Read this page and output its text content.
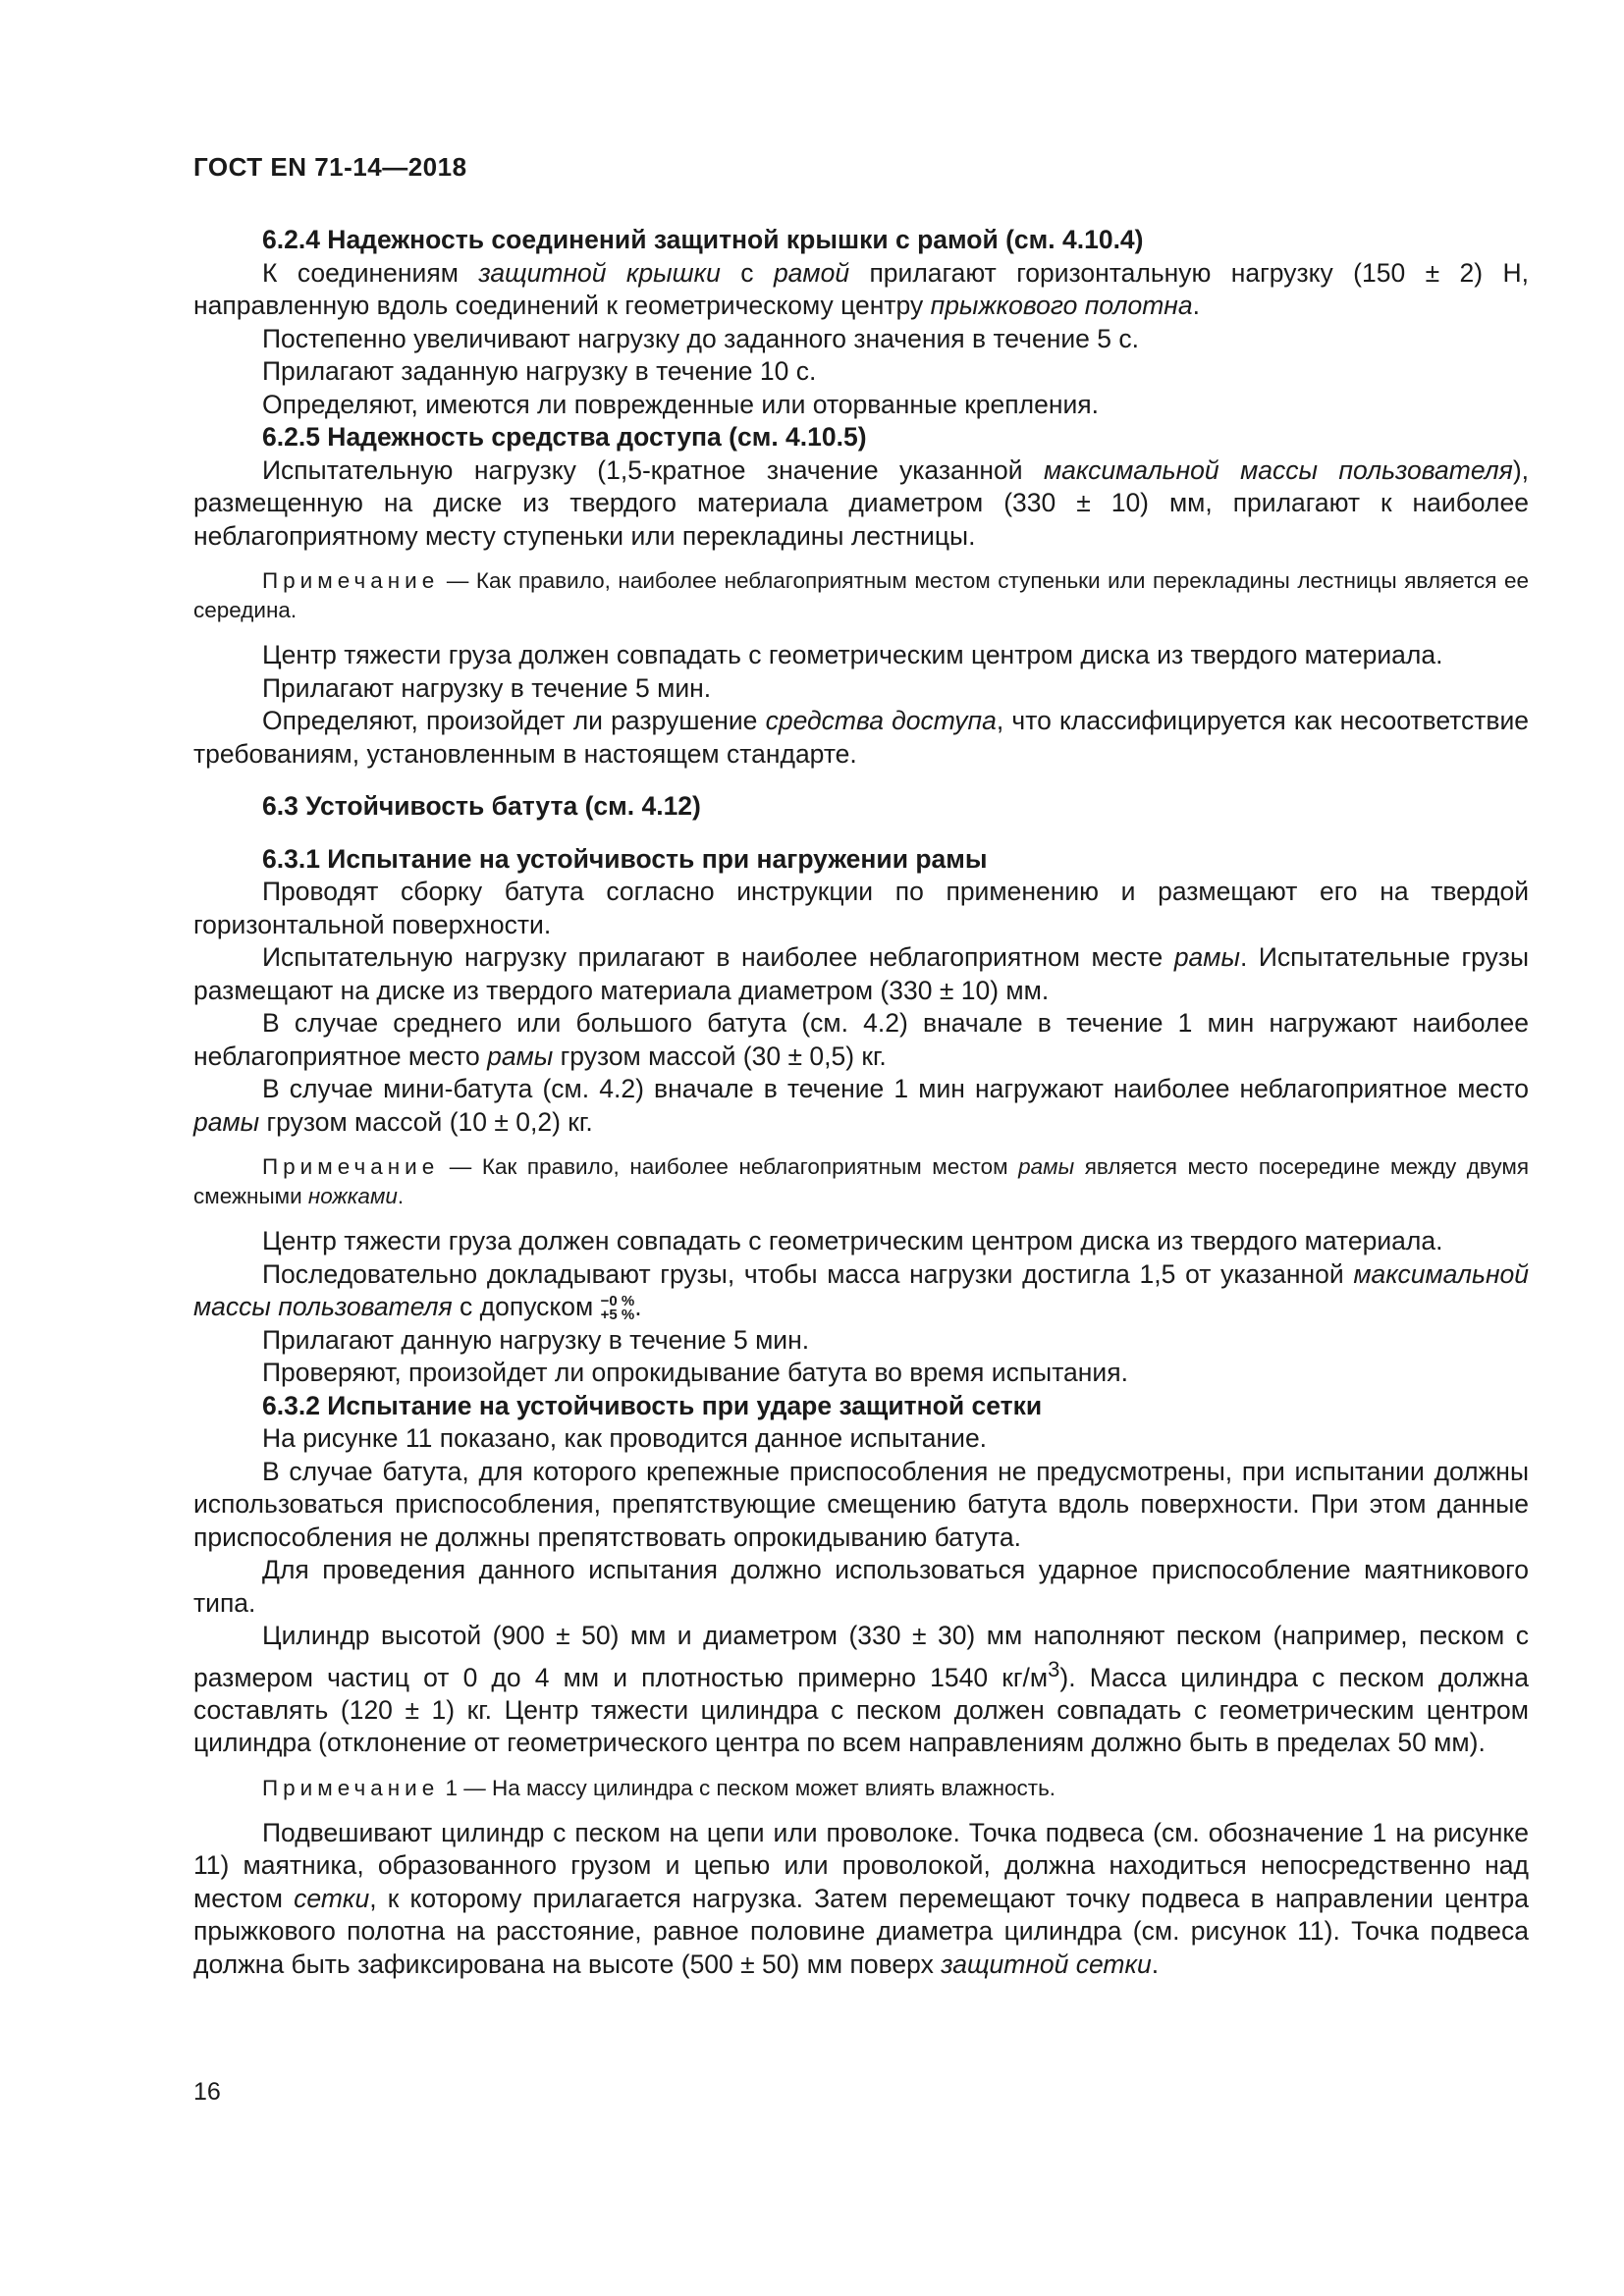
ГОСТ EN 71-14—2018

6.2.4 Надежность соединений защитной крышки с рамой (см. 4.10.4)

К соединениям защитной крышки с рамой прилагают горизонтальную нагрузку (150 ± 2) Н, направленную вдоль соединений к геометрическому центру прыжкового полотна.

Постепенно увеличивают нагрузку до заданного значения в течение 5 с.

Прилагают заданную нагрузку в течение 10 с.

Определяют, имеются ли поврежденные или оторванные крепления.

6.2.5 Надежность средства доступа (см. 4.10.5)

Испытательную нагрузку (1,5-кратное значение указанной максимальной массы пользователя), размещенную на диске из твердого материала диаметром (330 ± 10) мм, прилагают к наиболее неблагоприятному месту ступеньки или перекладины лестницы.

Примечание — Как правило, наиболее неблагоприятным местом ступеньки или перекладины лестницы является ее середина.

Центр тяжести груза должен совпадать с геометрическим центром диска из твердого материала.

Прилагают нагрузку в течение 5 мин.

Определяют, произойдет ли разрушение средства доступа, что классифицируется как несоответствие требованиям, установленным в настоящем стандарте.

6.3 Устойчивость батута (см. 4.12)

6.3.1 Испытание на устойчивость при нагружении рамы

Проводят сборку батута согласно инструкции по применению и размещают его на твердой горизонтальной поверхности.

Испытательную нагрузку прилагают в наиболее неблагоприятном месте рамы. Испытательные грузы размещают на диске из твердого материала диаметром (330 ± 10) мм.

В случае среднего или большого батута (см. 4.2) вначале в течение 1 мин нагружают наиболее неблагоприятное место рамы грузом массой (30 ± 0,5) кг.

В случае мини-батута (см. 4.2) вначале в течение 1 мин нагружают наиболее неблагоприятное место рамы грузом массой (10 ± 0,2) кг.

Примечание — Как правило, наиболее неблагоприятным местом рамы является место посередине между двумя смежными ножками.

Центр тяжести груза должен совпадать с геометрическим центром диска из твердого материала.

Последовательно докладывают грузы, чтобы масса нагрузки достигла 1,5 от указанной максимальной массы пользователя с допуском −0 %
+5 % .

Прилагают данную нагрузку в течение 5 мин.

Проверяют, произойдет ли опрокидывание батута во время испытания.

6.3.2 Испытание на устойчивость при ударе защитной сетки

На рисунке 11 показано, как проводится данное испытание.

В случае батута, для которого крепежные приспособления не предусмотрены, при испытании должны использоваться приспособления, препятствующие смещению батута вдоль поверхности. При этом данные приспособления не должны препятствовать опрокидыванию батута.

Для проведения данного испытания должно использоваться ударное приспособление маятникового типа.

Цилиндр высотой (900 ± 50) мм и диаметром (330 ± 30) мм наполняют песком (например, песком с размером частиц от 0 до 4 мм и плотностью примерно 1540 $кг/м^3$). Масса цилиндра с песком должна составлять (120 ± 1) кг. Центр тяжести цилиндра с песком должен совпадать с геометрическим центром цилиндра (отклонение от геометрического центра по всем направлениям должно быть в пределах 50 мм).

Примечание 1 — На массу цилиндра с песком может влиять влажность.

Подвешивают цилиндр с песком на цепи или проволоке. Точка подвеса (см. обозначение 1 на рисунке 11) маятника, образованного грузом и цепью или проволокой, должна находиться непосредственно над местом сетки, к которому прилагается нагрузка. Затем перемещают точку подвеса в направлении центра прыжкового полотна на расстояние, равное половине диаметра цилиндра (см. рисунок 11). Точка подвеса должна быть зафиксирована на высоте (500 ± 50) мм поверх защитной сетки.

16
